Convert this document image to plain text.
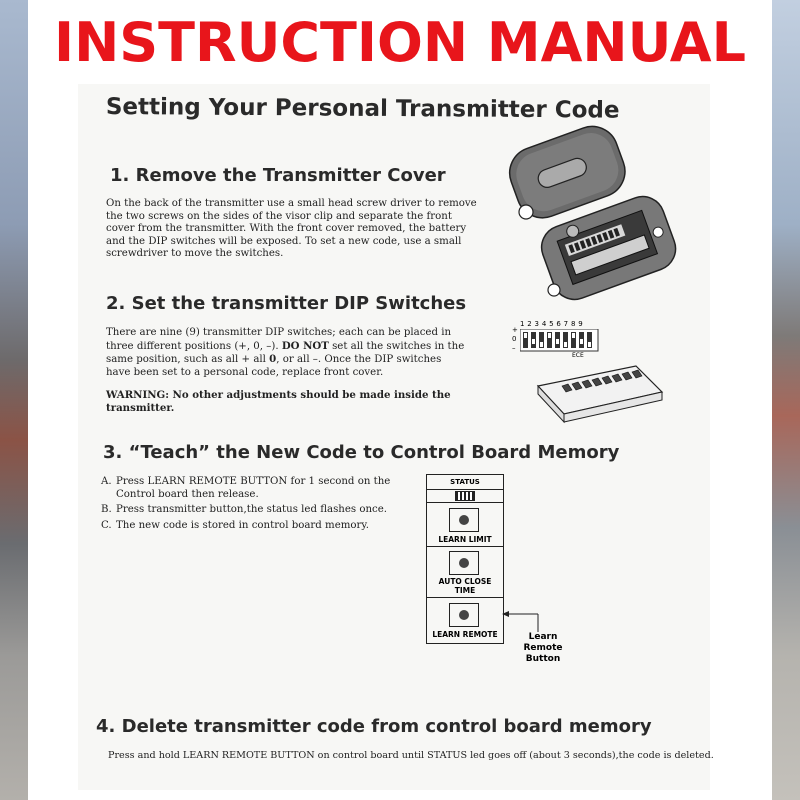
INSTRUCTION MANUAL
Setting Your Personal Transmitter Code
1. Remove the Transmitter Cover
On the back of the transmitter use a small head screw driver to remove the two screws on the sides of the visor clip and separate the front cover from the transmitter. With the front cover removed, the battery and the DIP switches will be exposed. To set a new code, use a small screwdriver to move the switches.
2. Set the transmitter DIP Switches
There are nine (9) transmitter DIP switches; each can be placed in three different positions (+, 0, –). DO NOT set all the switches in the same position, such as all + all 0, or all –. Once the DIP switches have been set to a personal code, replace front cover.
WARNING: No other adjustments should be made inside the transmitter.
1 2 3 4 5 6 7 8 9
+
0
–
ECE
3. “Teach” the New Code to Control Board Memory
A. Press LEARN REMOTE BUTTON for 1 second on the Control board then release.
B. Press transmitter button,the status led flashes once.
C. The new code is stored in control board memory.
STATUS
LEARN LIMIT
AUTO CLOSE
TIME
LEARN REMOTE	Learn Remote
Button
4. Delete transmitter code from control board memory
Press and hold LEARN REMOTE BUTTON on control board until STATUS led goes off (about 3 seconds),the code is deleted.
